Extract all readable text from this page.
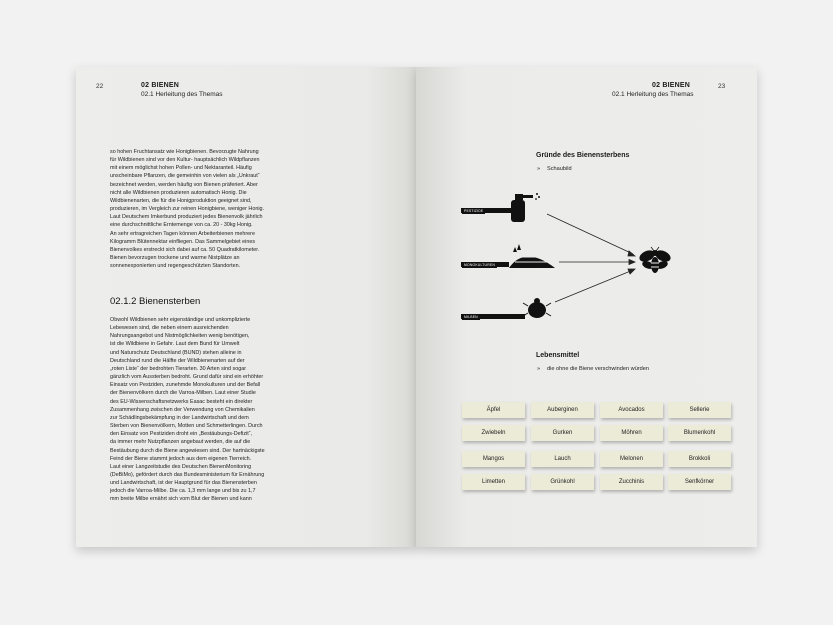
22	02 BIENEN
02.1 Herleitung des Themas

so hohen Fruchtansatz wie Honigbienen. Bevorzugte Nahrung

für Wildbienen sind vor den Kultur- hauptsächlich Wildpflanzen

mit einem möglichst hohen Pollen- und Nektaranteil. Häufig

unscheinbare Pflanzen, die gemeinhin von vielen als „Unkraut“

bezeichnet werden, werden häufig von Bienen präferiert. Aber

nicht alle Wildbienen produzieren automatisch Honig. Die

Wildbienenarten, die für die Honigproduktion geeignet sind,

produzieren, im Vergleich zur reinen Honigbiene, weniger Honig.

Laut Deutschem Imkerbund produziert jedes Bienenvolk jährlich

eine durchschnittliche Erntemenge von ca. 20 - 30kg Honig.

An sehr ertragreichen Tagen können Arbeiterbienen mehrere

Kilogramm Blütennektar einfliegen. Das Sammelgebiet eines

Bienenvolkes erstreckt sich dabei auf ca. 50 Quadratkilometer.

Bienen bevorzugen trockene und warme Nistplätze an

sonnenexponierten und regengeschützten Standorten.

02.1.2 Bienensterben

Obwohl Wildbienen sehr eigenständige und unkomplizierte

Lebewesen sind, die neben einem ausreichenden

Nahrungsangebot und Nistmöglichkeiten wenig benötigen,

ist die Wildbiene in Gefahr. Laut dem Bund für Umwelt

und Naturschutz Deutschland (BUND) stehen alleine in

Deutschland rund die Hälfte der Wildbienenarten auf der

„roten Liste“ der bedrohten Tierarten. 30 Arten sind sogar

gänzlich vom Aussterben bedroht. Grund dafür sind ein erhöhter

Einsatz von Pestziden, zunehmde Monokulturen und der Befall

der Bienenvölkern durch die Varroa-Milben. Laut einer Studie

des EU-Wissenschaftsnetzwerks Easac besteht ein direkter

Zusammenhang zwischen der Verwendung von Chemikalien

zur Schädlingsbekämpfung in der Landwirtschaft und dem

Sterben von Bienenvölkern, Motten und Schmetterlingen. Durch

den Einsatz von Pestiziden droht ein „Bestäubungs-Defizit“,

da immer mehr Nutzpflanzen angebaut werden, die auf die

Bestäubung durch die Biene angewiesen sind. Der hartnäckigste

Feind der Biene stammt jedoch aus dem eigenen Tierreich.

Laut einer Langzeitstudie des Deutschen BienenMonitoring

(DeBiMo), gefördert durch das Bundesministerium für Ernährung

und Landwirtschaft, ist der Hauptgrund für das Bienensterben

jedoch die Varroa-Milbe. Die ca. 1,3 mm lange und bis zu 1,7

mm breite Milbe ernährt sich vom Blut der Bienen und kann

02 BIENEN
02.1 Herleitung des Themas
23
Gründe des Bienensterbens
» Schaubild
PESTIZIDE
MONOKULTUREN
MILBEN
Lebensmittel
» die ohne die Biene verschwinden würden
Äpfel	Auberginen	Avocados	Sellerie
Zwiebeln	Gurken	Möhren	Blumenkohl
Mangos	Lauch	Melonen	Brokkoli
Limetten	Grünkohl	Zucchinis	Senfkörner
